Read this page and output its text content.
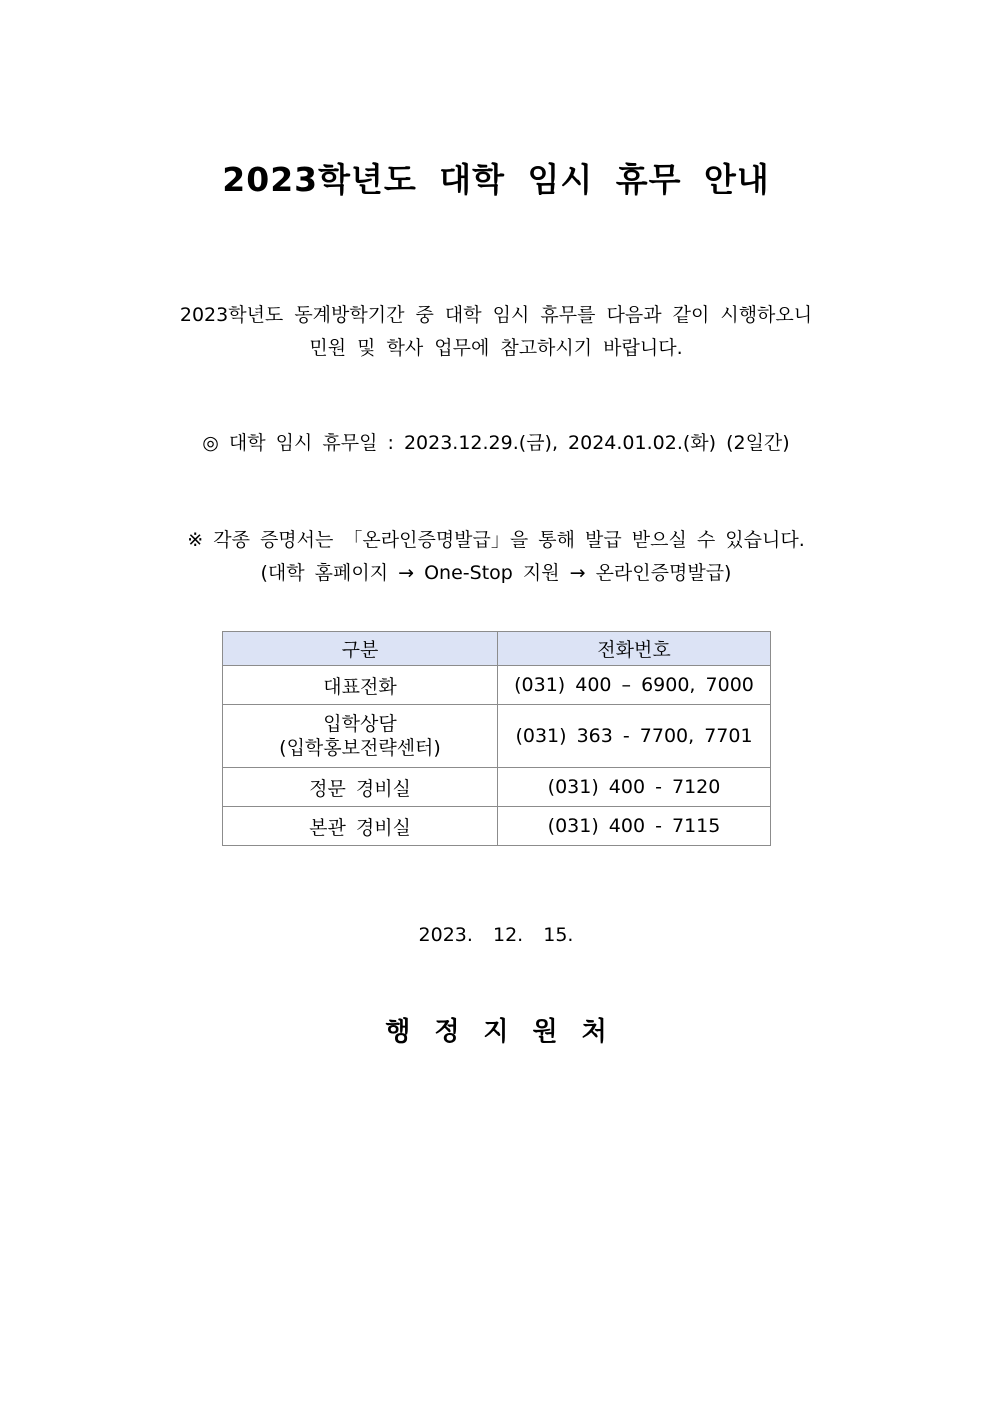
2023학년도 대학 임시 휴무 안내
2023학년도 동계방학기간 중 대학 임시 휴무를 다음과 같이 시행하오니
민원 및 학사 업무에 참고하시기 바랍니다.
◎ 대학 임시 휴무일 : 2023.12.29.(금), 2024.01.02.(화) (2일간)
※ 각종 증명서는 「온라인증명발급」을 통해 발급 받으실 수 있습니다.
(대학 홈페이지 → One-Stop 지원 → 온라인증명발급)
구분	전화번호
대표전화	(031) 400 – 6900, 7000

입학상담
(입학홍보전략센터)	(031) 363 - 7700, 7701
정문 경비실	(031) 400 - 7120
본관 경비실	(031) 400 - 7115
2023. 12. 15.
행정지원처
